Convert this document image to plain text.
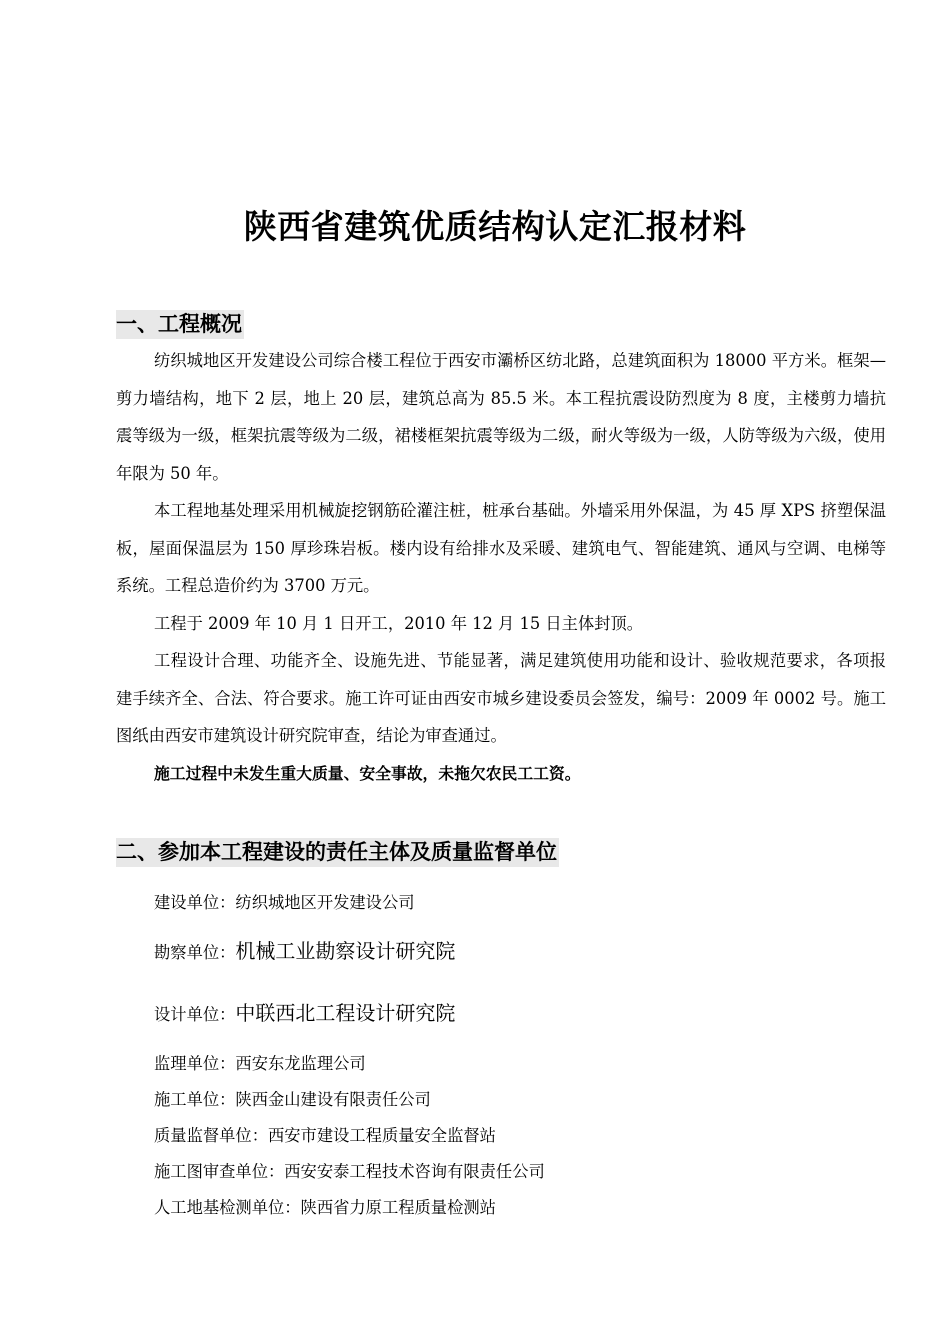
陕西省建筑优质结构认定汇报材料
一、工程概况

纺织城地区开发建设公司综合楼工程位于西安市灞桥区纺北路，总建筑面积为 18000 平方米。框架—剪力墙结构，地下 2 层，地上 20 层，建筑总高为 85.5 米。本工程抗震设防烈度为 8 度，主楼剪力墙抗震等级为一级，框架抗震等级为二级，裙楼框架抗震等级为二级，耐火等级为一级，人防等级为六级，使用年限为 50 年。

本工程地基处理采用机械旋挖钢筋砼灌注桩，桩承台基础。外墙采用外保温，为 45 厚 XPS 挤塑保温板，屋面保温层为 150 厚珍珠岩板。楼内设有给排水及采暖、建筑电气、智能建筑、通风与空调、电梯等系统。工程总造价约为 3700 万元。

工程于 2009 年 10 月 1 日开工，2010 年 12 月 15 日主体封顶。

工程设计合理、功能齐全、设施先进、节能显著，满足建筑使用功能和设计、验收规范要求，各项报建手续齐全、合法、符合要求。施工许可证由西安市城乡建设委员会签发，编号：2009 年 0002 号。施工图纸由西安市建筑设计研究院审查，结论为审查通过。

施工过程中未发生重大质量、安全事故，未拖欠农民工工资。

二、参加本工程建设的责任主体及质量监督单位
建设单位：纺织城地区开发建设公司
勘察单位：机械工业勘察设计研究院
设计单位：中联西北工程设计研究院
监理单位：西安东龙监理公司
施工单位：陕西金山建设有限责任公司
质量监督单位：西安市建设工程质量安全监督站
施工图审查单位：西安安泰工程技术咨询有限责任公司
人工地基检测单位：陕西省力原工程质量检测站
